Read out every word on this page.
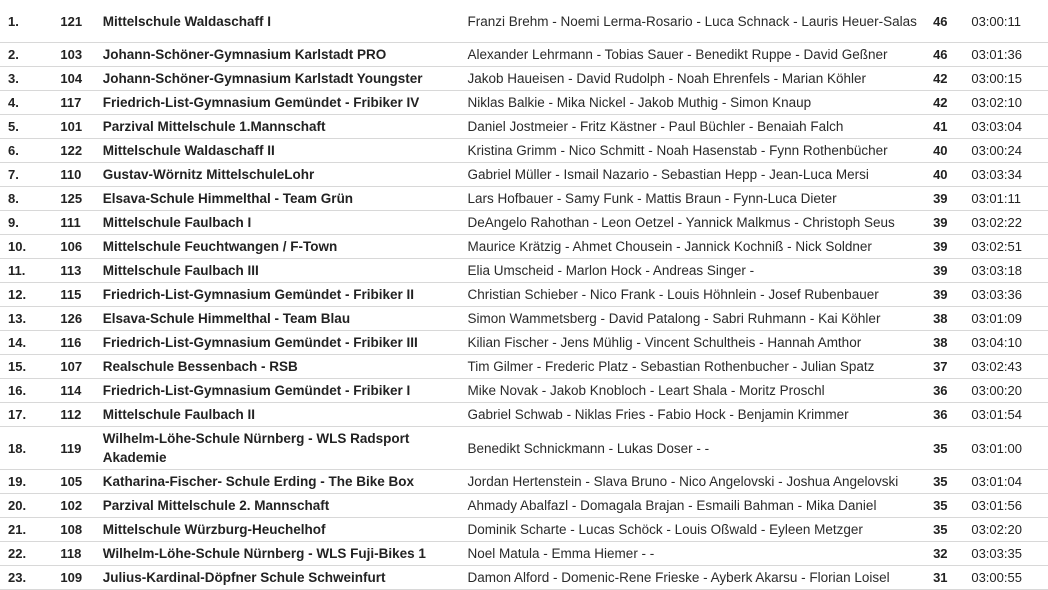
1.	121	Mittelschule Waldaschaff I	Franzi Brehm - Noemi Lerma-Rosario - Luca Schnack - Lauris Heuer-Salas	46	03:00:11
2.	103	Johann-Schöner-Gymnasium Karlstadt PRO	Alexander Lehrmann - Tobias Sauer - Benedikt Ruppe - David Geßner	46	03:01:36
3.	104	Johann-Schöner-Gymnasium Karlstadt Youngster	Jakob Haueisen - David Rudolph - Noah Ehrenfels - Marian Köhler	42	03:00:15
4.	117	Friedrich-List-Gymnasium Gemündet - Fribiker IV	Niklas Balkie - Mika Nickel - Jakob Muthig - Simon Knaup	42	03:02:10
5.	101	Parzival Mittelschule 1.Mannschaft	Daniel Jostmeier - Fritz Kästner - Paul Büchler - Benaiah Falch	41	03:03:04
6.	122	Mittelschule Waldaschaff II	Kristina Grimm - Nico Schmitt - Noah Hasenstab - Fynn Rothenbücher	40	03:00:24
7.	110	Gustav-Wörnitz MittelschuleLohr	Gabriel Müller - Ismail Nazario - Sebastian Hepp - Jean-Luca Mersi	40	03:03:34
8.	125	Elsava-Schule Himmelthal - Team Grün	Lars Hofbauer - Samy Funk - Mattis Braun - Fynn-Luca Dieter	39	03:01:11
9.	111	Mittelschule Faulbach I	DeAngelo Rahothan - Leon Oetzel - Yannick Malkmus - Christoph Seus	39	03:02:22
10.	106	Mittelschule Feuchtwangen / F-Town	Maurice Krätzig - Ahmet Chousein - Jannick Kochniß - Nick Soldner	39	03:02:51
11.	113	Mittelschule Faulbach III	Elia Umscheid - Marlon Hock - Andreas Singer -	39	03:03:18
12.	115	Friedrich-List-Gymnasium Gemündet - Fribiker II	Christian Schieber - Nico Frank - Louis Höhnlein - Josef Rubenbauer	39	03:03:36
13.	126	Elsava-Schule Himmelthal - Team Blau	Simon Wammetsberg - David Patalong - Sabri Ruhmann - Kai Köhler	38	03:01:09
14.	116	Friedrich-List-Gymnasium Gemündet - Fribiker III	Kilian Fischer - Jens Mühlig - Vincent Schultheis - Hannah Amthor	38	03:04:10
15.	107	Realschule Bessenbach - RSB	Tim Gilmer - Frederic Platz - Sebastian Rothenbucher - Julian Spatz	37	03:02:43
16.	114	Friedrich-List-Gymnasium Gemündet - Fribiker I	Mike Novak - Jakob Knobloch - Leart Shala - Moritz Proschl	36	03:00:20
17.	112	Mittelschule Faulbach II	Gabriel Schwab - Niklas Fries - Fabio Hock - Benjamin Krimmer	36	03:01:54
18.	119	Wilhelm-Löhe-Schule Nürnberg - WLS Radsport Akademie	Benedikt Schnickmann - Lukas Doser - -	35	03:01:00
19.	105	Katharina-Fischer- Schule Erding - The Bike Box	Jordan Hertenstein - Slava Bruno - Nico Angelovski - Joshua Angelovski	35	03:01:04
20.	102	Parzival Mittelschule 2. Mannschaft	Ahmady Abalfazl - Domagala Brajan - Esmaili Bahman - Mika Daniel	35	03:01:56
21.	108	Mittelschule Würzburg-Heuchelhof	Dominik Scharte - Lucas Schöck - Louis Oßwald - Eyleen Metzger	35	03:02:20
22.	118	Wilhelm-Löhe-Schule Nürnberg - WLS Fuji-Bikes 1	Noel Matula - Emma Hiemer - -	32	03:03:35
23.	109	Julius-Kardinal-Döpfner Schule Schweinfurt	Damon Alford - Domenic-Rene Frieske - Ayberk Akarsu - Florian Loisel	31	03:00:55
